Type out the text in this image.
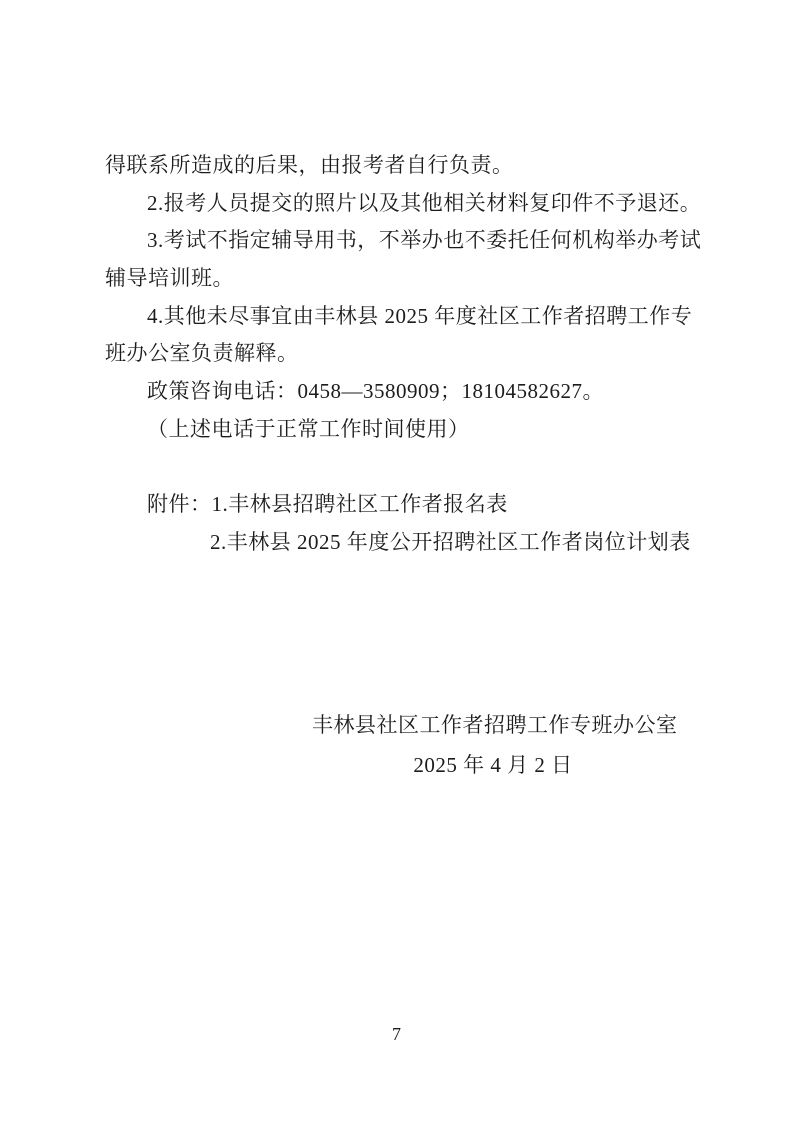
得联系所造成的后果，由报考者自行负责。
2.报考人员提交的照片以及其他相关材料复印件不予退还。
3.考试不指定辅导用书，不举办也不委托任何机构举办考试
辅导培训班。
4.其他未尽事宜由丰林县 2025 年度社区工作者招聘工作专
班办公室负责解释。
政策咨询电话：0458—3580909；18104582627。
（上述电话于正常工作时间使用）
附件：1.丰林县招聘社区工作者报名表
2.丰林县 2025 年度公开招聘社区工作者岗位计划表
丰林县社区工作者招聘工作专班办公室
2025 年 4 月 2 日
7
